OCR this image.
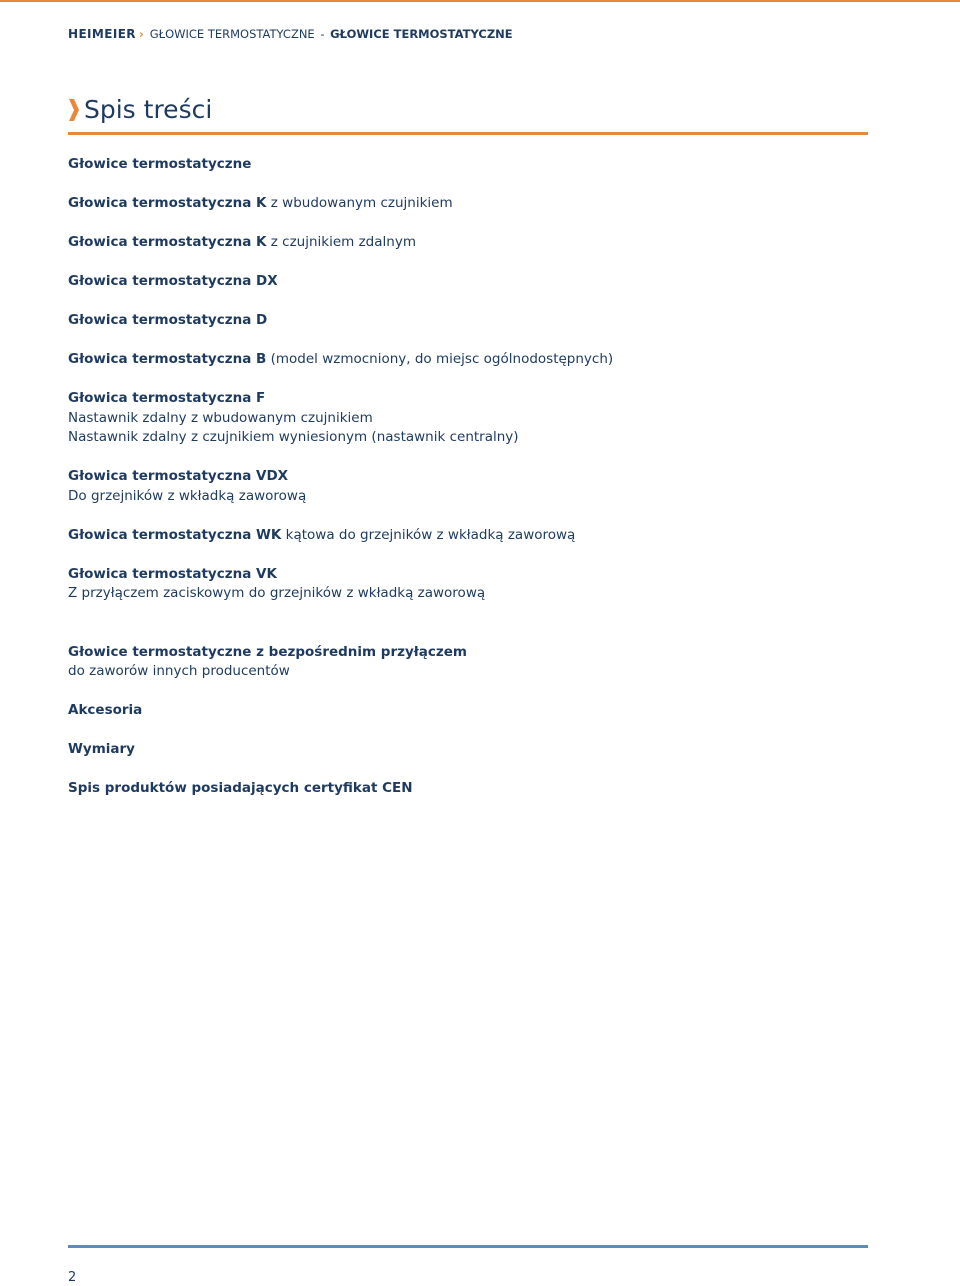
HEIMEIER › GŁOWICE TERMOSTATYCZNE - GŁOWICE TERMOSTATYCZNE
Spis treści
Głowice termostatyczne
Głowica termostatyczna K z wbudowanym czujnikiem
Głowica termostatyczna K z czujnikiem zdalnym
Głowica termostatyczna DX
Głowica termostatyczna D
Głowica termostatyczna B (model wzmocniony, do miejsc ogólnodostępnych)
Głowica termostatyczna F
Nastawnik zdalny z wbudowanym czujnikiem
Nastawnik zdalny z czujnikiem wyniesionym (nastawnik centralny)
Głowica termostatyczna VDX
Do grzejników z wkładką zaworową
Głowica termostatyczna WK kątowa do grzejników z wkładką zaworową
Głowica termostatyczna VK
Z przyłączem zaciskowym do grzejników z wkładką zaworową
Głowice termostatyczne z bezpośrednim przyłączem
do zaworów innych producentów
Akcesoria
Wymiary
Spis produktów posiadających certyfikat CEN
2
